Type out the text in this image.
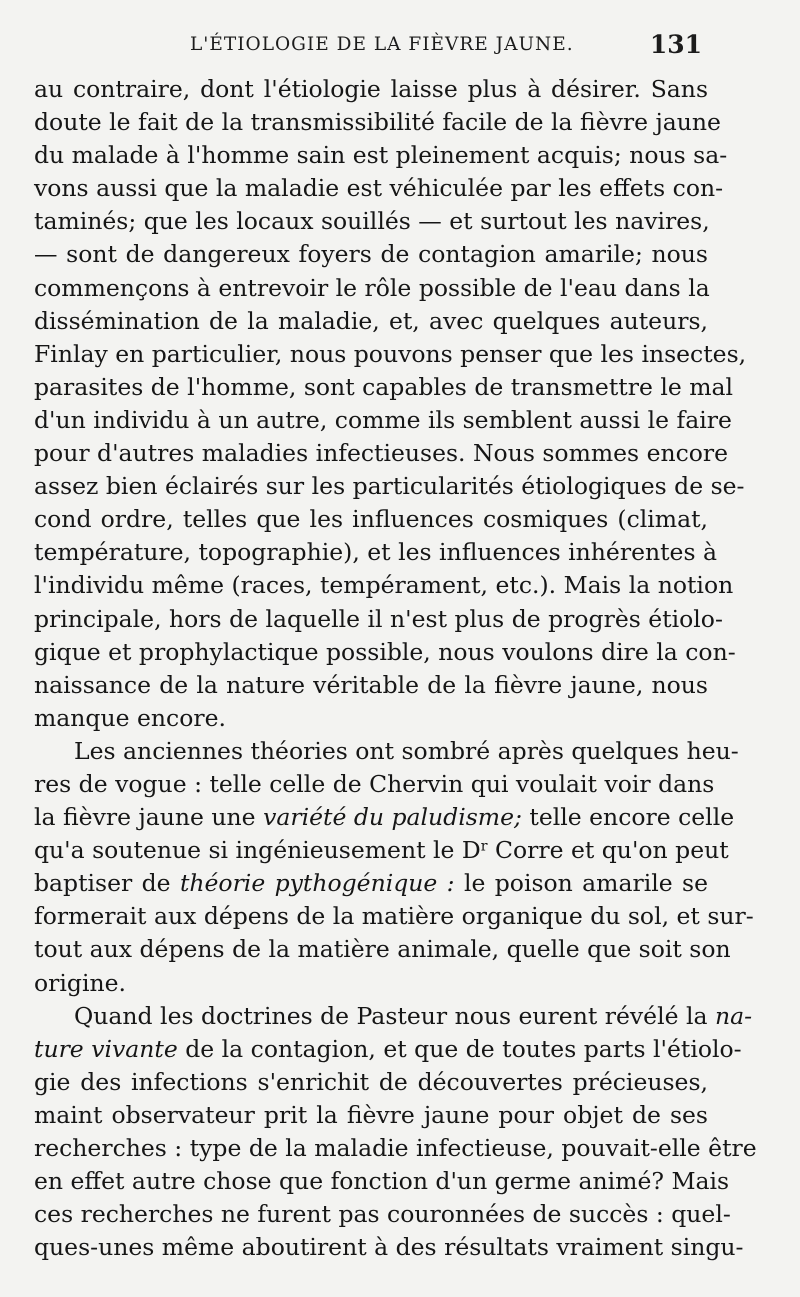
L'ÉTIOLOGIE DE LA FIÈVRE JAUNE.	131
au contraire, dont l'étiologie laisse plus à désirer. Sans
doute le fait de la transmissibilité facile de la fièvre jaune
du malade à l'homme sain est pleinement acquis; nous sa-
vons aussi que la maladie est véhiculée par les effets con-
taminés; que les locaux souillés — et surtout les navires,
— sont de dangereux foyers de contagion amarile; nous
commençons à entrevoir le rôle possible de l'eau dans la
dissémination de la maladie, et, avec quelques auteurs,
Finlay en particulier, nous pouvons penser que les insectes,
parasites de l'homme, sont capables de transmettre le mal
d'un individu à un autre, comme ils semblent aussi le faire
pour d'autres maladies infectieuses. Nous sommes encore
assez bien éclairés sur les particularités étiologiques de se-
cond ordre, telles que les influences cosmiques (climat,
température, topographie), et les influences inhérentes à
l'individu même (races, tempérament, etc.). Mais la notion
principale, hors de laquelle il n'est plus de progrès étiolo-
gique et prophylactique possible, nous voulons dire la con-
naissance de la nature véritable de la fièvre jaune, nous
manque encore.
Les anciennes théories ont sombré après quelques heu-
res de vogue : telle celle de Chervin qui voulait voir dans
la fièvre jaune une variété du paludisme; telle encore celle
qu'a soutenue si ingénieusement le $D^r$ Corre et qu'on peut
baptiser de théorie pythogénique : le poison amarile se
formerait aux dépens de la matière organique du sol, et sur-
tout aux dépens de la matière animale, quelle que soit son
origine.
Quand les doctrines de Pasteur nous eurent révélé la na-
ture vivante de la contagion, et que de toutes parts l'étiolo-
gie des infections s'enrichit de découvertes précieuses,
maint observateur prit la fièvre jaune pour objet de ses
recherches : type de la maladie infectieuse, pouvait-elle être
en effet autre chose que fonction d'un germe animé? Mais
ces recherches ne furent pas couronnées de succès : quel-
ques-unes même aboutirent à des résultats vraiment singu-
